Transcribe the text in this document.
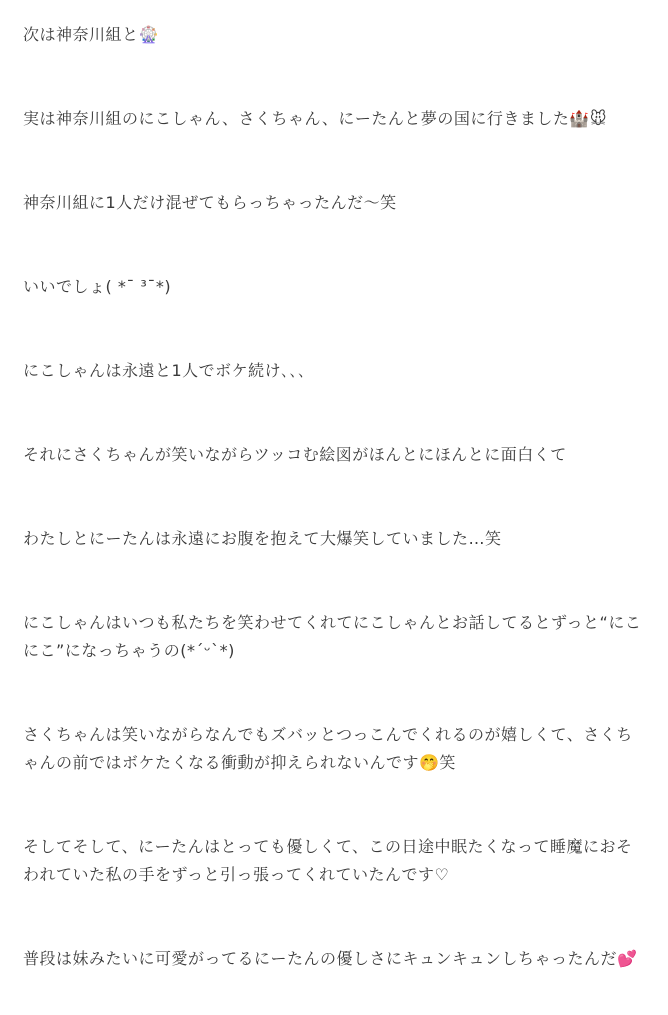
次は神奈川組と🎡
実は神奈川組のにこしゃん、さくちゃん、にーたんと夢の国に行きました🏰🐭
神奈川組に1人だけ混ぜてもらっちゃったんだ〜笑
いいでしょ( *¯ ³¯*)
にこしゃんは永遠と1人でボケ続け､､､
それにさくちゃんが笑いながらツッコむ絵図がほんとにほんとに面白くて
わたしとにーたんは永遠にお腹を抱えて大爆笑していました…笑
にこしゃんはいつも私たちを笑わせてくれてにこしゃんとお話してるとずっと“にこにこ”になっちゃうの(*´ᵕ`*)
さくちゃんは笑いながらなんでもズバッとつっこんでくれるのが嬉しくて、さくちゃんの前ではボケたくなる衝動が抑えられないんです🤭笑
そしてそして、にーたんはとっても優しくて、この日途中眠たくなって睡魔におそわれていた私の手をずっと引っ張ってくれていたんです♡
普段は妹みたいに可愛がってるにーたんの優しさにキュンキュンしちゃったんだ💕
